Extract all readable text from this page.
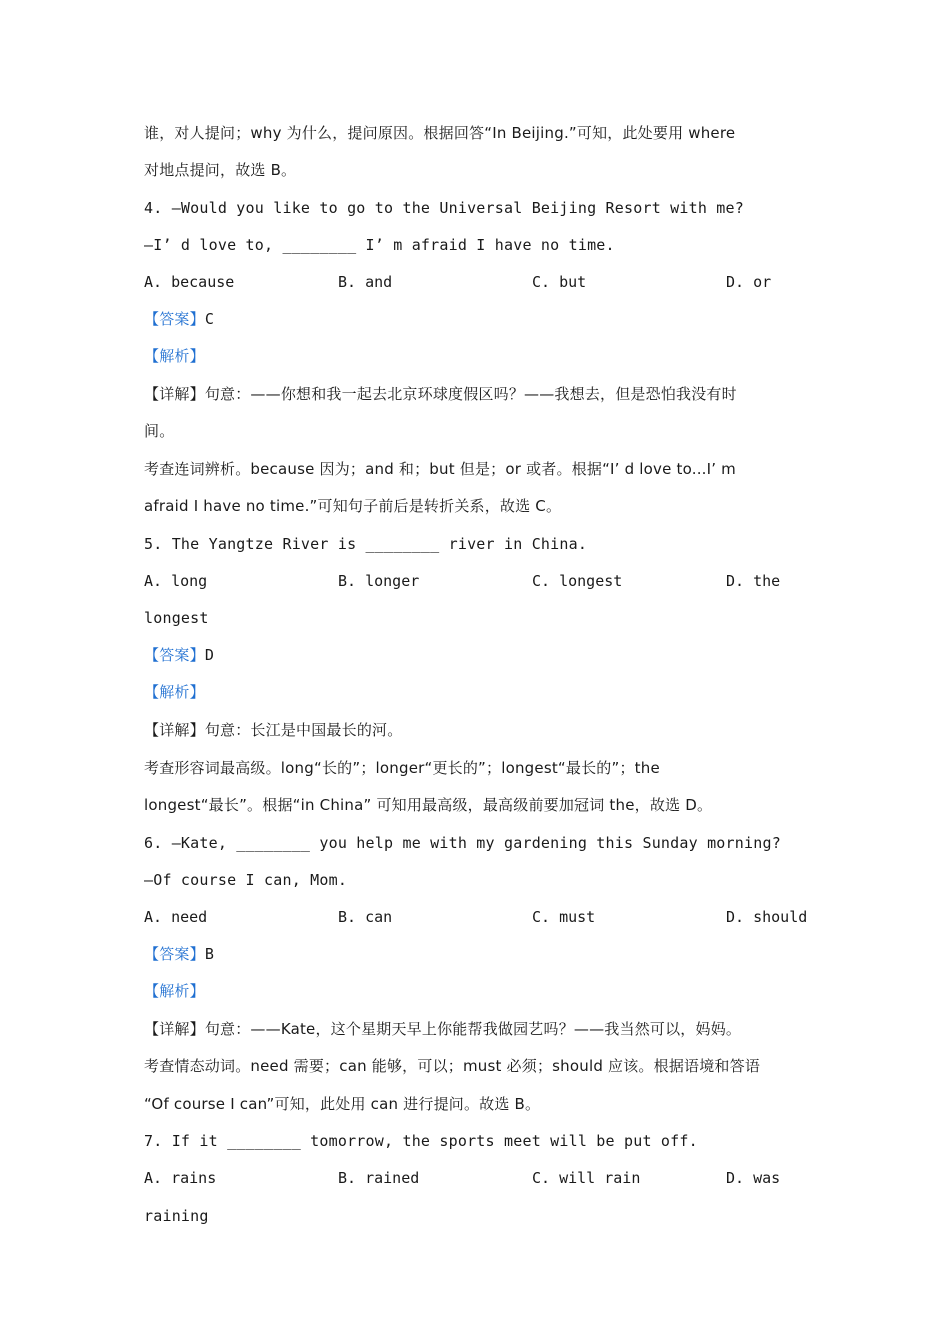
谁，对人提问；why 为什么，提问原因。根据回答“In Beijing.”可知，此处要用 where
对地点提问，故选 B。
4. —Would you like to go to the Universal Beijing Resort with me?
—I’ d love to, ________ I’ m afraid I have no time.
A. because	B. and	C. but	D. or
【答案】C
【解析】
【详解】句意：——你想和我一起去北京环球度假区吗？——我想去，但是恐怕我没有时
间。
考查连词辨析。because 因为；and 和；but 但是；or 或者。根据“I’ d love to...I’ m
afraid I have no time.”可知句子前后是转折关系，故选 C。
5. The Yangtze River is ________ river in China.
A. long	B. longer	C. longest	D. the
longest
【答案】D
【解析】
【详解】句意：长江是中国最长的河。
考查形容词最高级。long“长的”；longer“更长的”；longest“最长的”；the
longest“最长”。根据“in China” 可知用最高级，最高级前要加冠词 the，故选 D。
6. —Kate, ________ you help me with my gardening this Sunday morning?
—Of course I can, Mom.
A. need	B. can	C. must	D. should
【答案】B
【解析】
【详解】句意：——Kate，这个星期天早上你能帮我做园艺吗？——我当然可以，妈妈。
考查情态动词。need 需要；can 能够，可以；must 必须；should 应该。根据语境和答语
“Of course I can”可知，此处用 can 进行提问。故选 B。
7. If it ________ tomorrow, the sports meet will be put off.
A. rains	B. rained	C. will rain	D. was
raining
